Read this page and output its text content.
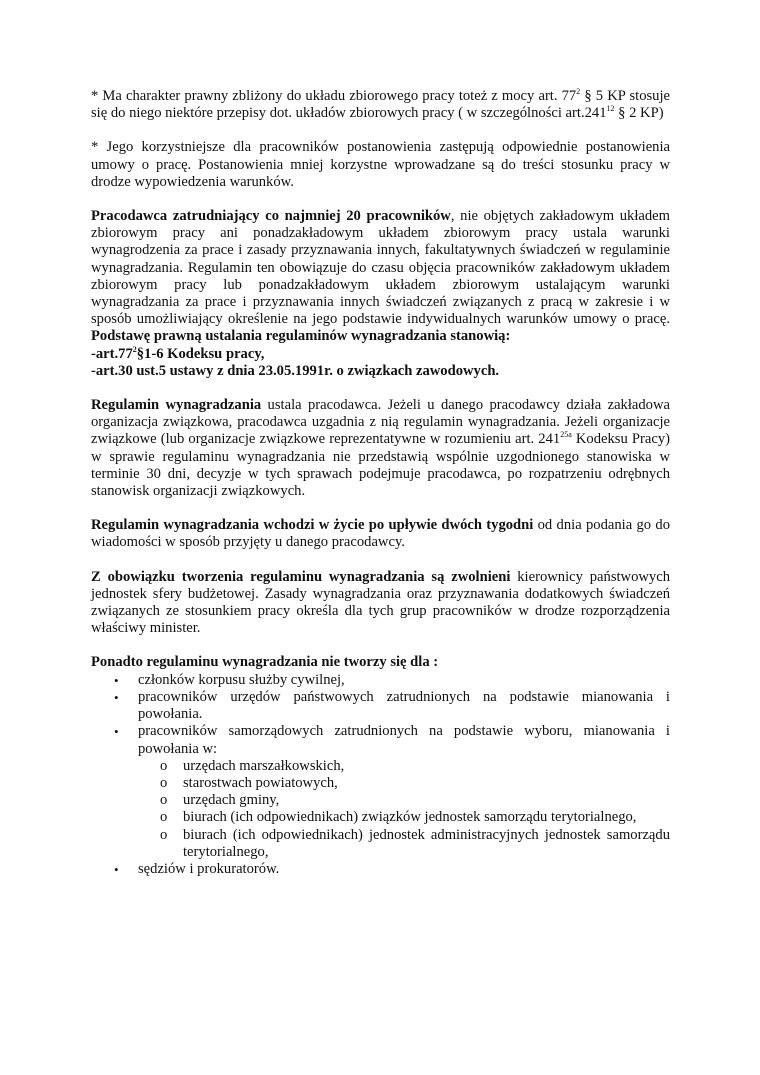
* Ma charakter prawny zbliżony do układu zbiorowego pracy toteż z mocy art. $77^2$ § 5 KP stosuje się do niego niektóre przepisy dot. układów zbiorowych pracy ( w szczególności art.241$^{12}$ § 2 KP)

* Jego korzystniejsze dla pracowników postanowienia zastępują odpowiednie postanowienia umowy o pracę. Postanowienia mniej korzystne wprowadzane są do treści stosunku pracy w drodze wypowiedzenia warunków.

Pracodawca zatrudniający co najmniej 20 pracowników, nie objętych zakładowym układem zbiorowym pracy ani ponadzakładowym układem zbiorowym pracy ustala warunki wynagrodzenia za prace i zasady przyznawania innych, fakultatywnych świadczeń w regulaminie wynagradzania. Regulamin ten obowiązuje do czasu objęcia pracowników zakładowym układem zbiorowym pracy lub ponadzakładowym układem zbiorowym ustalającym warunki wynagradzania za prace i przyznawania innych świadczeń związanych z pracą w zakresie i w sposób umożliwiający określenie na jego podstawie indywidualnych warunków umowy o pracę. Podstawę prawną ustalania regulaminów wynagradzania stanowią:

$-art.77^2\S 1-6$ Kodeksu pracy,

-art.30 ust.5 ustawy z dnia 23.05.1991r. o związkach zawodowych.

Regulamin wynagradzania ustala pracodawca. Jeżeli u danego pracodawcy działa zakładowa organizacja związkowa, pracodawca uzgadnia z nią regulamin wynagradzania. Jeżeli organizacje związkowe (lub organizacje związkowe reprezentatywne w rozumieniu art. $241^{25a}$ Kodeksu Pracy) w sprawie regulaminu wynagradzania nie przedstawią wspólnie uzgodnionego stanowiska w terminie 30 dni, decyzje w tych sprawach podejmuje pracodawca, po rozpatrzeniu odrębnych stanowisk organizacji związkowych.

Regulamin wynagradzania wchodzi w życie po upływie dwóch tygodni od dnia podania go do wiadomości w sposób przyjęty u danego pracodawcy.

Z obowiązku tworzenia regulaminu wynagradzania są zwolnieni kierownicy państwowych jednostek sfery budżetowej. Zasady wynagradzania oraz przyznawania dodatkowych świadczeń związanych ze stosunkiem pracy określa dla tych grup pracowników w drodze rozporządzenia właściwy minister.

Ponadto regulaminu wynagradzania nie tworzy się dla :

• członków korpusu służby cywilnej,
• pracowników urzędów państwowych zatrudnionych na podstawie mianowania i powołania.
• pracowników samorządowych zatrudnionych na podstawie wyboru, mianowania i powołania w:
o urzędach marszałkowskich,
o starostwach powiatowych,
o urzędach gminy,
o biurach (ich odpowiednikach) związków jednostek samorządu terytorialnego,
o biurach (ich odpowiednikach) jednostek administracyjnych jednostek samorządu terytorialnego,
• sędziów i prokuratorów.
